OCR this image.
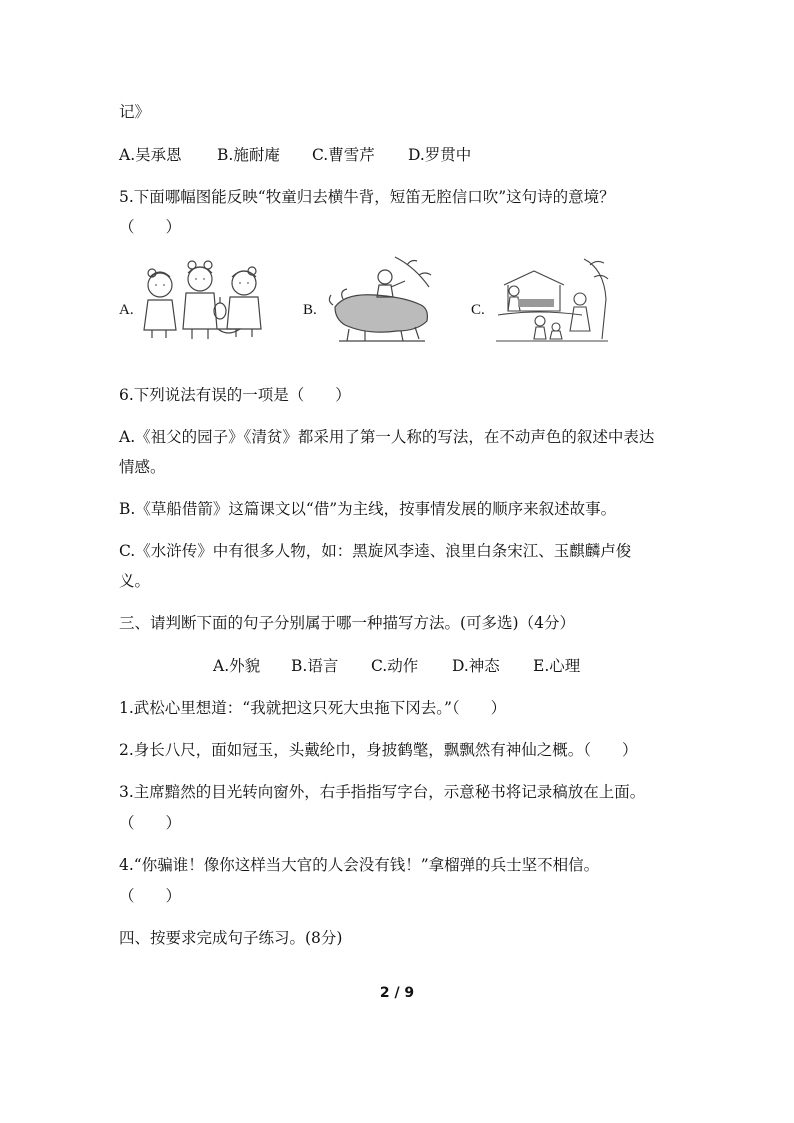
记》
A.吴承恩 B.施耐庵 C.曹雪芹 D.罗贯中
5.下面哪幅图能反映“牧童归去横牛背，短笛无腔信口吹”这句诗的意境？
（　　）
A.	B.	C.
6.下列说法有误的一项是（　　）
A.《祖父的园子》《清贫》都采用了第一人称的写法，在不动声色的叙述中表达
情感。
B.《草船借箭》这篇课文以“借”为主线，按事情发展的顺序来叙述故事。
C.《水浒传》中有很多人物，如：黑旋风李逵、浪里白条宋江、玉麒麟卢俊
义。
三、请判断下面的句子分别属于哪一种描写方法。(可多选)（4分）
A.外貌 B.语言 C.动作 D.神态 E.心理
1.武松心里想道：“我就把这只死大虫拖下冈去。”（　　）
2.身长八尺，面如冠玉，头戴纶巾，身披鹤氅，飘飘然有神仙之概。（　　）
3.主席黯然的目光转向窗外，右手指指写字台，示意秘书将记录稿放在上面。
（　　）
4.“你骗谁！像你这样当大官的人会没有钱！”拿榴弹的兵士坚不相信。
（　　）
四、按要求完成句子练习。(8分)
2 / 9
